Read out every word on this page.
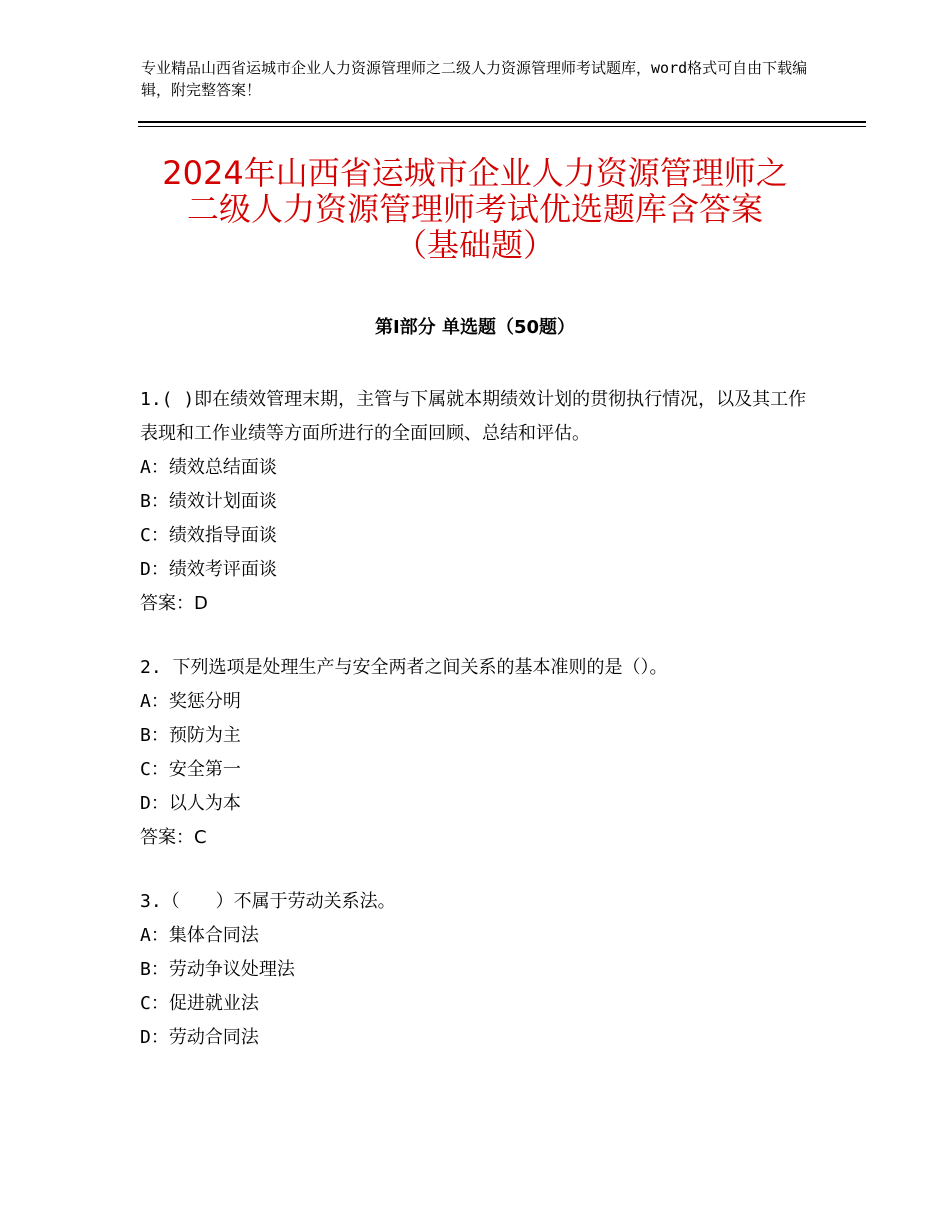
专业精品山西省运城市企业人力资源管理师之二级人力资源管理师考试题库，word格式可自由下载编辑，附完整答案！
2024年山西省运城市企业人力资源管理师之
二级人力资源管理师考试优选题库含答案
（基础题）
第Ⅰ部分 单选题（50题）

1.( )即在绩效管理末期，主管与下属就本期绩效计划的贯彻执行情况，以及其工作表现和工作业绩等方面所进行的全面回顾、总结和评估。

A：绩效总结面谈

B：绩效计划面谈

C：绩效指导面谈

D：绩效考评面谈

答案：D

2. 下列选项是处理生产与安全两者之间关系的基本准则的是（）。

A：奖惩分明

B：预防为主

C：安全第一

D：以人为本

答案：C

3.（　　）不属于劳动关系法。

A：集体合同法

B：劳动争议处理法

C：促进就业法

D：劳动合同法
